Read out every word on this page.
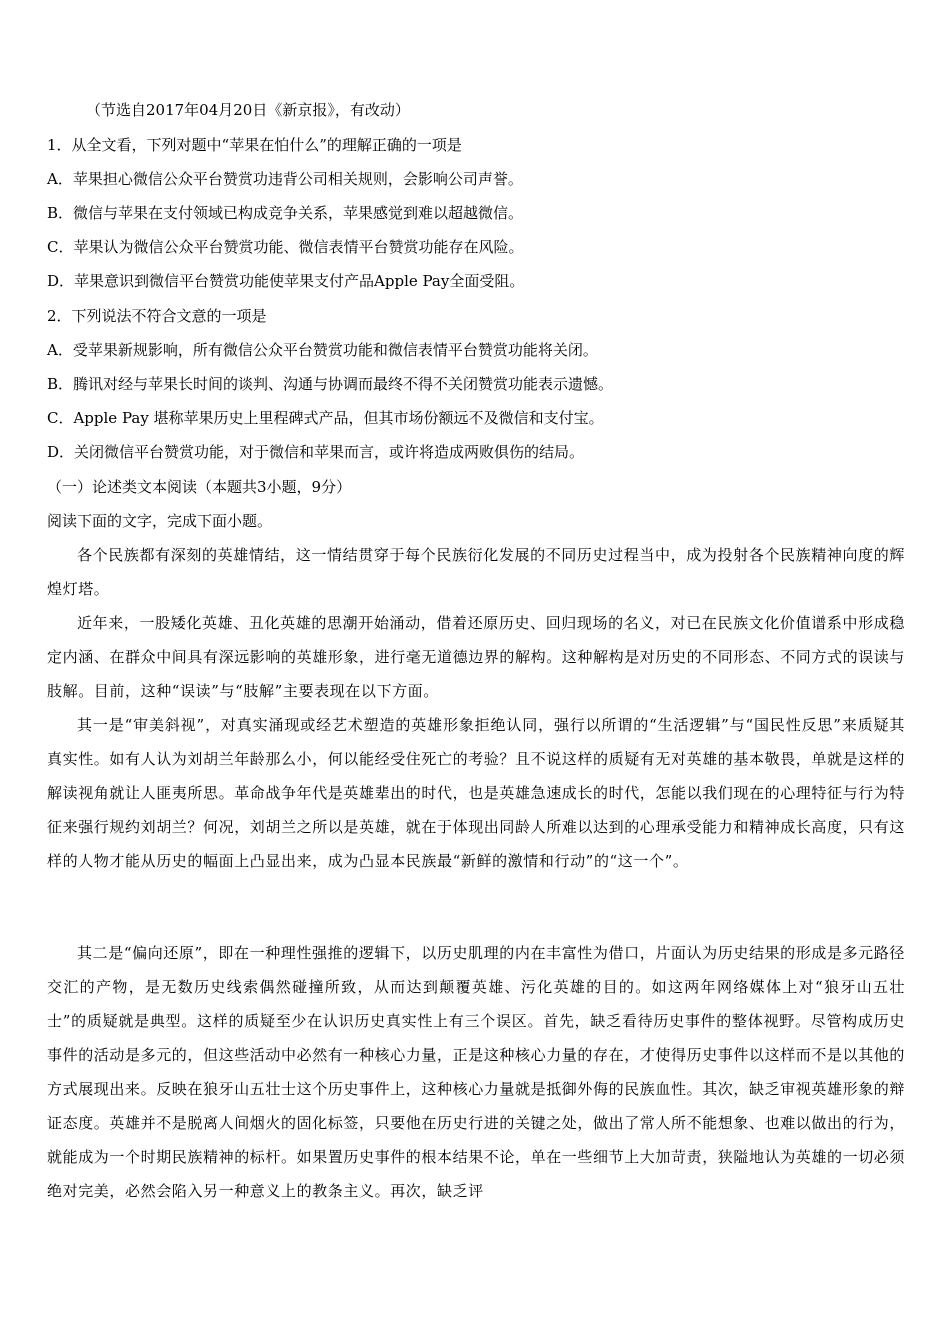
（节选自2017年04月20日《新京报》，有改动）
1．从全文看，下列对题中“苹果在怕什么”的理解正确的一项是
A．苹果担心微信公众平台赞赏功违背公司相关规则，会影响公司声誉。
B．微信与苹果在支付领域已构成竞争关系，苹果感觉到难以超越微信。
C．苹果认为微信公众平台赞赏功能、微信表情平台赞赏功能存在风险。
D．苹果意识到微信平台赞赏功能使苹果支付产品Apple Pay全面受阻。
2．下列说法不符合文意的一项是
A．受苹果新规影响，所有微信公众平台赞赏功能和微信表情平台赞赏功能将关闭。
B．腾讯对经与苹果长时间的谈判、沟通与协调而最终不得不关闭赞赏功能表示遗憾。
C．Apple Pay 堪称苹果历史上里程碑式产品，但其市场份额远不及微信和支付宝。
D．关闭微信平台赞赏功能，对于微信和苹果而言，或许将造成两败俱伤的结局。
（一）论述类文本阅读（本题共3小题，9分）
阅读下面的文字，完成下面小题。
各个民族都有深刻的英雄情结，这一情结贯穿于每个民族衍化发展的不同历史过程当中，成为投射各个民族精神向度的辉煌灯塔。
近年来，一股矮化英雄、丑化英雄的思潮开始涌动，借着还原历史、回归现场的名义，对已在民族文化价值谱系中形成稳定内涵、在群众中间具有深远影响的英雄形象，进行毫无道德边界的解构。这种解构是对历史的不同形态、不同方式的误读与肢解。目前，这种“误读”与“肢解”主要表现在以下方面。
其一是“审美斜视”，对真实涌现或经艺术塑造的英雄形象拒绝认同，强行以所谓的“生活逻辑”与“国民性反思”来质疑其真实性。如有人认为刘胡兰年龄那么小，何以能经受住死亡的考验？且不说这样的质疑有无对英雄的基本敬畏，单就是这样的解读视角就让人匪夷所思。革命战争年代是英雄辈出的时代，也是英雄急速成长的时代，怎能以我们现在的心理特征与行为特征来强行规约刘胡兰？何况，刘胡兰之所以是英雄，就在于体现出同龄人所难以达到的心理承受能力和精神成长高度，只有这样的人物才能从历史的幅面上凸显出来，成为凸显本民族最“新鲜的激情和行动”的“这一个”。
其二是“偏向还原”，即在一种理性强推的逻辑下，以历史肌理的内在丰富性为借口，片面认为历史结果的形成是多元路径交汇的产物，是无数历史线索偶然碰撞所致，从而达到颠覆英雄、污化英雄的目的。如这两年网络媒体上对“狼牙山五壮士”的质疑就是典型。这样的质疑至少在认识历史真实性上有三个误区。首先，缺乏看待历史事件的整体视野。尽管构成历史事件的活动是多元的，但这些活动中必然有一种核心力量，正是这种核心力量的存在，才使得历史事件以这样而不是以其他的方式展现出来。反映在狼牙山五壮士这个历史事件上，这种核心力量就是抵御外侮的民族血性。其次，缺乏审视英雄形象的辩证态度。英雄并不是脱离人间烟火的固化标签，只要他在历史行进的关键之处，做出了常人所不能想象、也难以做出的行为，就能成为一个时期民族精神的标杆。如果置历史事件的根本结果不论，单在一些细节上大加苛责，狭隘地认为英雄的一切必须绝对完美，必然会陷入另一种意义上的教条主义。再次，缺乏评
